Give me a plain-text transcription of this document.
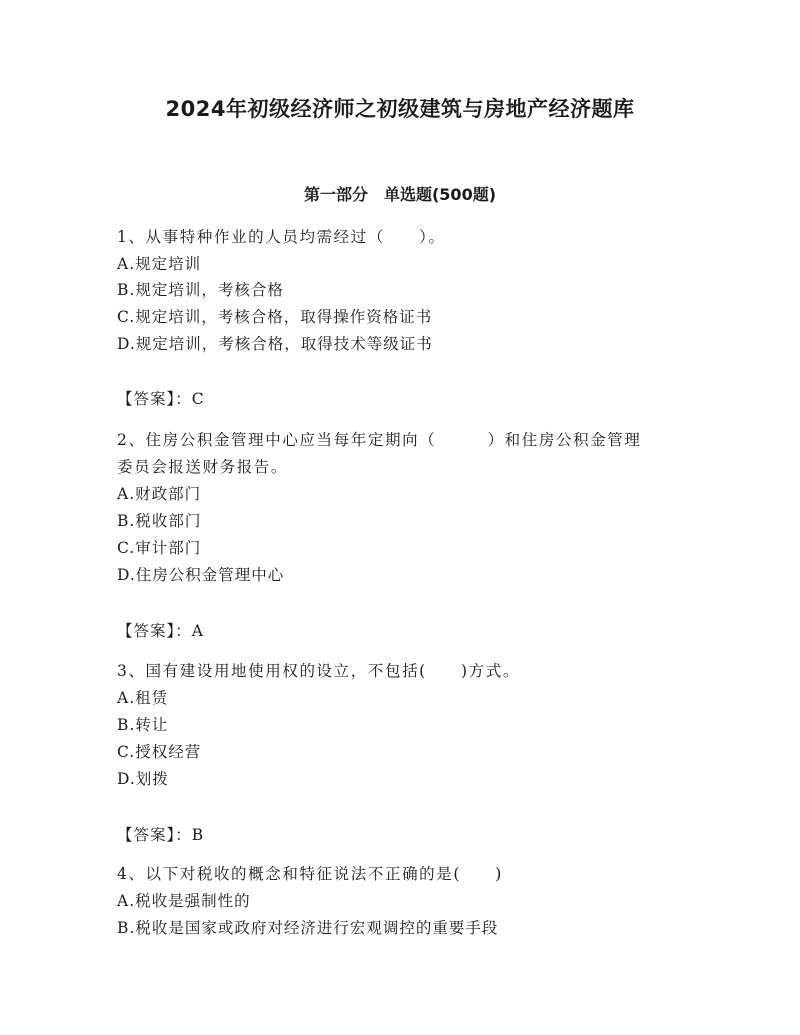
2024年初级经济师之初级建筑与房地产经济题库
第一部分　单选题(500题)
1、从事特种作业的人员均需经过（　　）。
A.规定培训
B.规定培训，考核合格
C.规定培训，考核合格，取得操作资格证书
D.规定培训，考核合格，取得技术等级证书
【答案】：C
2、住房公积金管理中心应当每年定期向（　　　）和住房公积金管理
委员会报送财务报告。
A.财政部门
B.税收部门
C.审计部门
D.住房公积金管理中心
【答案】：A
3、国有建设用地使用权的设立，不包括(　　)方式。
A.租赁
B.转让
C.授权经营
D.划拨
【答案】：B
4、以下对税收的概念和特征说法不正确的是(　　)
A.税收是强制性的
B.税收是国家或政府对经济进行宏观调控的重要手段
